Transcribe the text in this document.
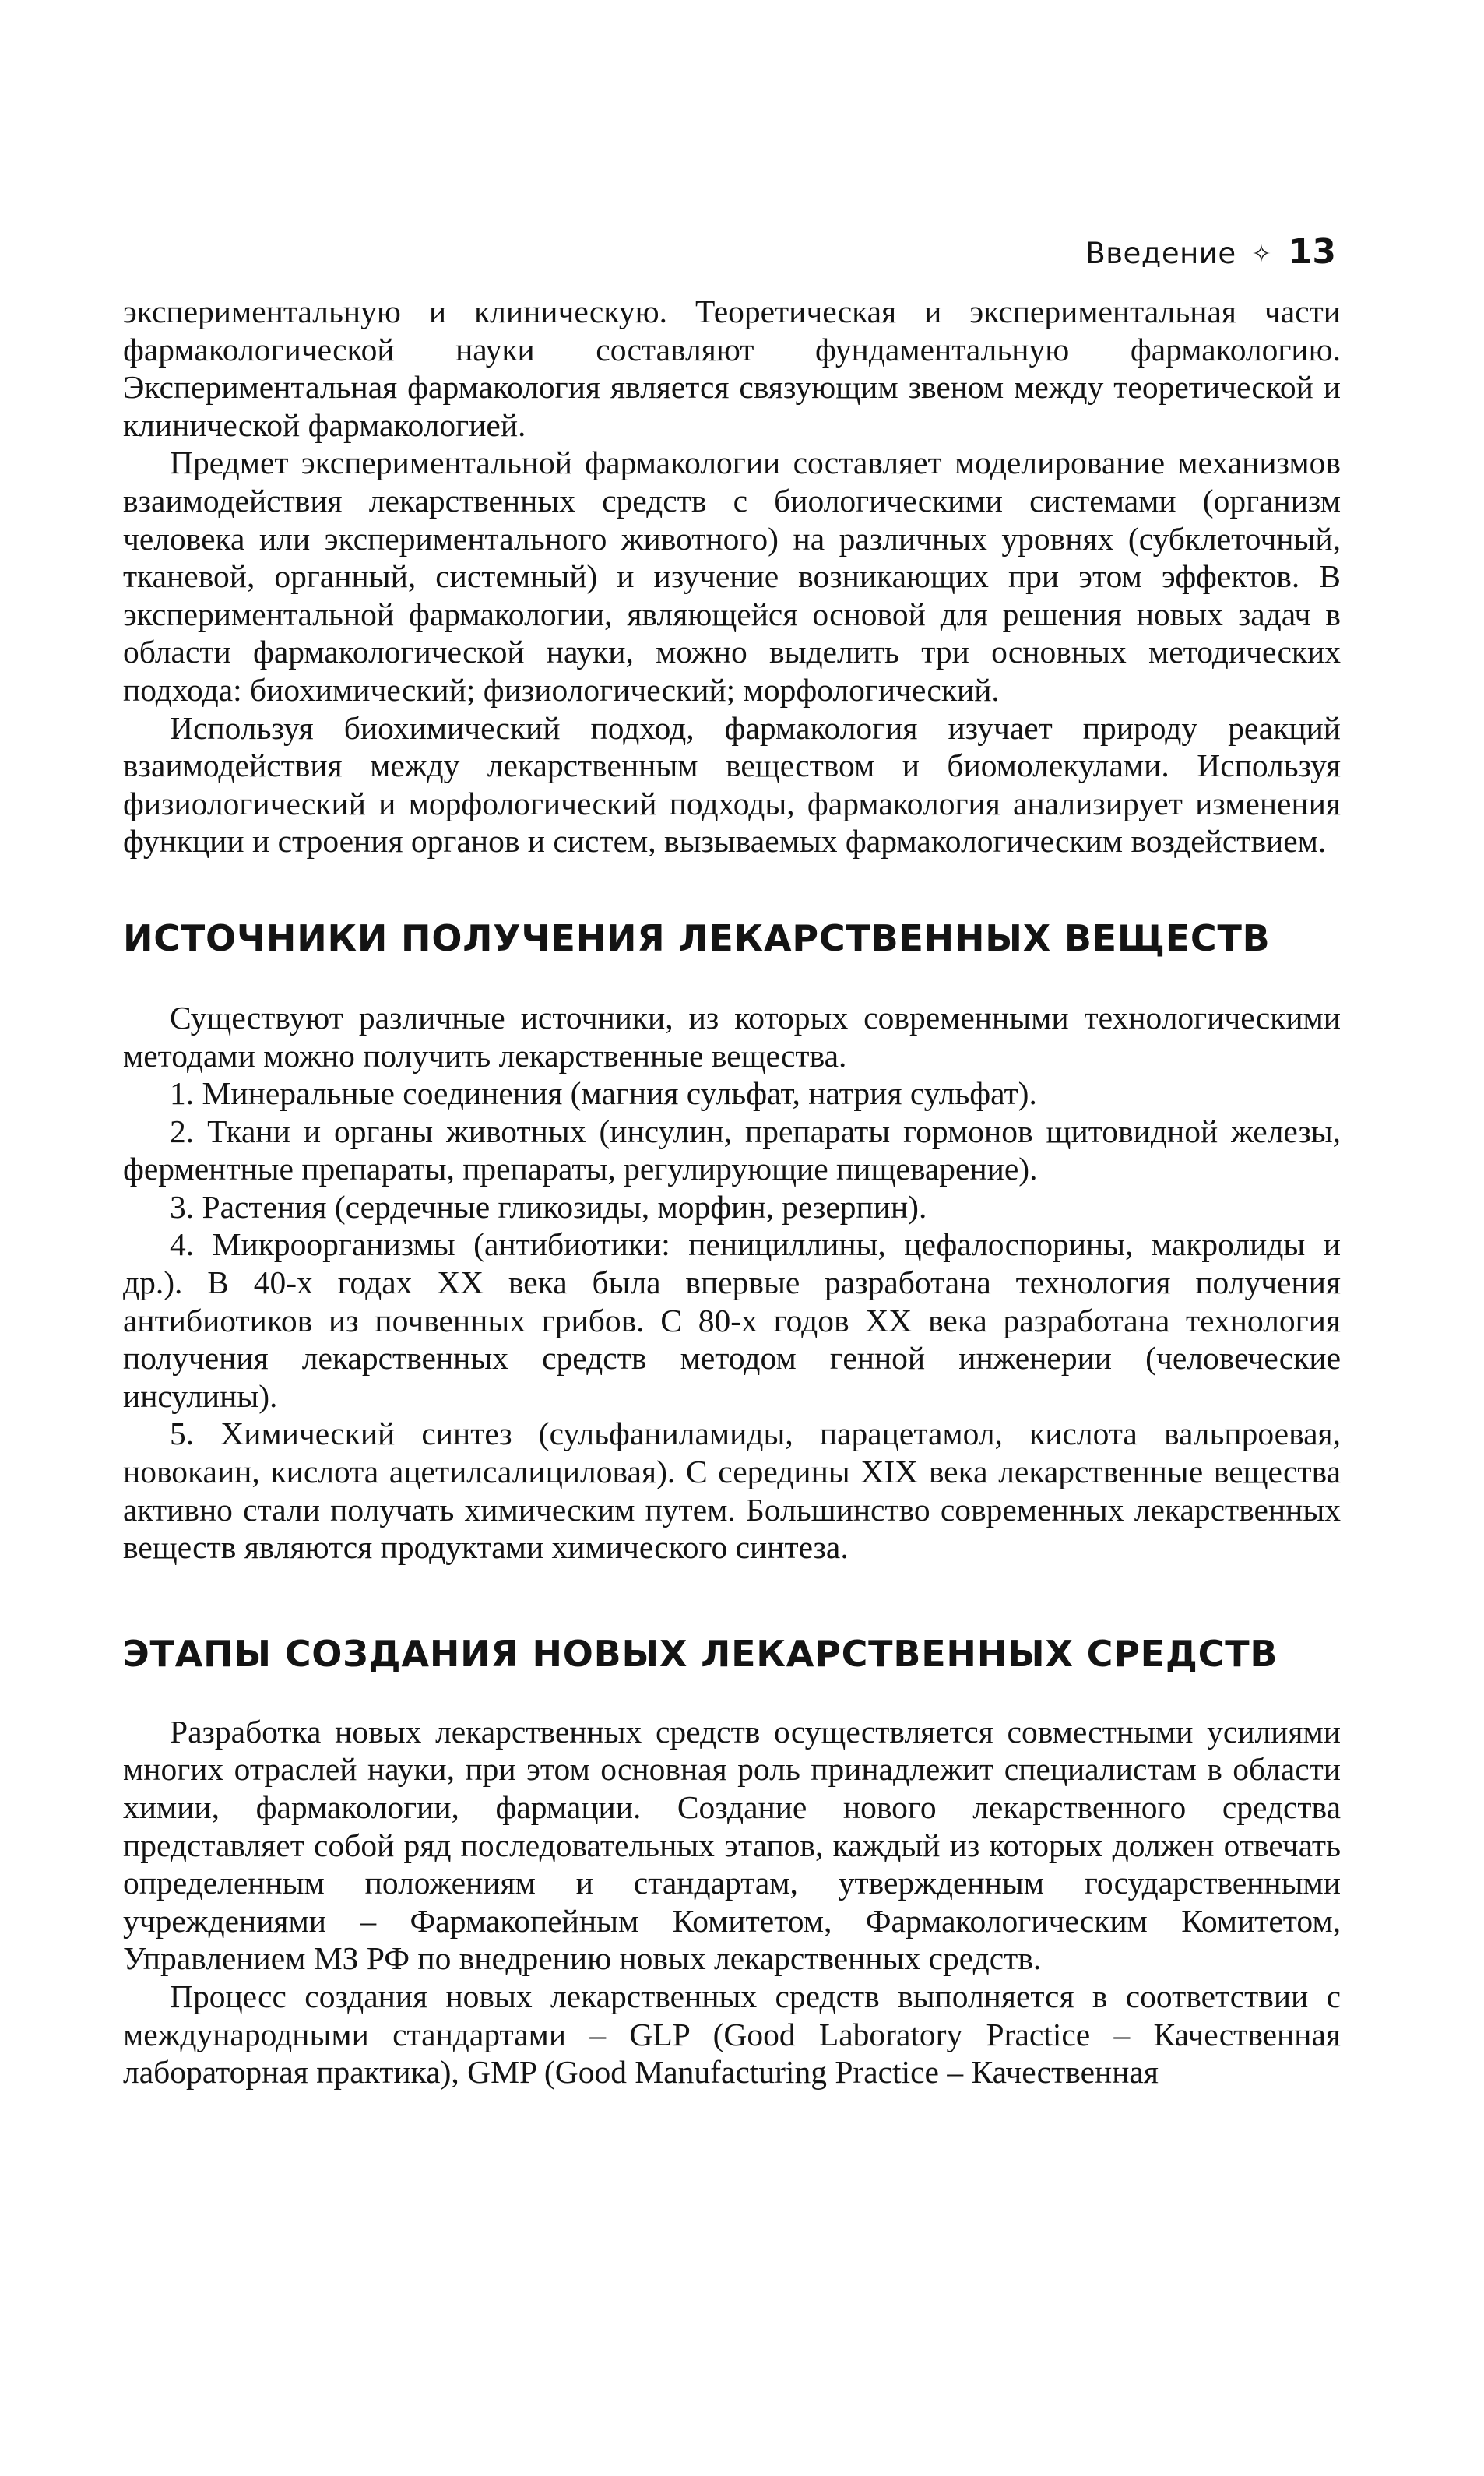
Введение ✧ 13

экспериментальную и клиническую. Теоретическая и экспериментальная части фармакологической науки составляют фундаментальную фармакологию. Экспериментальная фармакология является связующим звеном между теоретической и клинической фармакологией.

Предмет экспериментальной фармакологии составляет моделирование механизмов взаимодействия лекарственных средств с биологическими системами (организм человека или экспериментального животного) на различных уровнях (субклеточный, тканевой, органный, системный) и изучение возникающих при этом эффектов. В экспериментальной фармакологии, являющейся основой для решения новых задач в области фармакологической науки, можно выделить три основных методических подхода: биохимический; физиологический; морфологический.

Используя биохимический подход, фармакология изучает природу реакций взаимодействия между лекарственным веществом и биомолекулами. Используя физиологический и морфологический подходы, фармакология анализирует изменения функции и строения органов и систем, вызываемых фармакологическим воздействием.

ИСТОЧНИКИ ПОЛУЧЕНИЯ ЛЕКАРСТВЕННЫХ ВЕЩЕСТВ

Существуют различные источники, из которых современными технологическими методами можно получить лекарственные вещества.

1. Минеральные соединения (магния сульфат, натрия сульфат).

2. Ткани и органы животных (инсулин, препараты гормонов щитовидной железы, ферментные препараты, препараты, регулирующие пищеварение).

3. Растения (сердечные гликозиды, морфин, резерпин).

4. Микроорганизмы (антибиотики: пенициллины, цефалоспорины, макролиды и др.). В 40-х годах XX века была впервые разработана технология получения антибиотиков из почвенных грибов. С 80-х годов XX века разработана технология получения лекарственных средств методом генной инженерии (человеческие инсулины).

5. Химический синтез (сульфаниламиды, парацетамол, кислота вальпроевая, новокаин, кислота ацетилсалициловая). С середины XIX века лекарственные вещества активно стали получать химическим путем. Большинство современных лекарственных веществ являются продуктами химического синтеза.

ЭТАПЫ СОЗДАНИЯ НОВЫХ ЛЕКАРСТВЕННЫХ СРЕДСТВ

Разработка новых лекарственных средств осуществляется совместными усилиями многих отраслей науки, при этом основная роль принадлежит специалистам в области химии, фармакологии, фармации. Создание нового лекарственного средства представляет собой ряд последовательных этапов, каждый из которых должен отвечать определенным положениям и стандартам, утвержденным государственными учреждениями – Фармакопейным Комитетом, Фармакологическим Комитетом, Управлением МЗ РФ по внедрению новых лекарственных средств.

Процесс создания новых лекарственных средств выполняется в соответствии с международными стандартами – GLP (Good Laboratory Practice – Качественная лабораторная практика), GMP (Good Manufacturing Practice – Качественная
